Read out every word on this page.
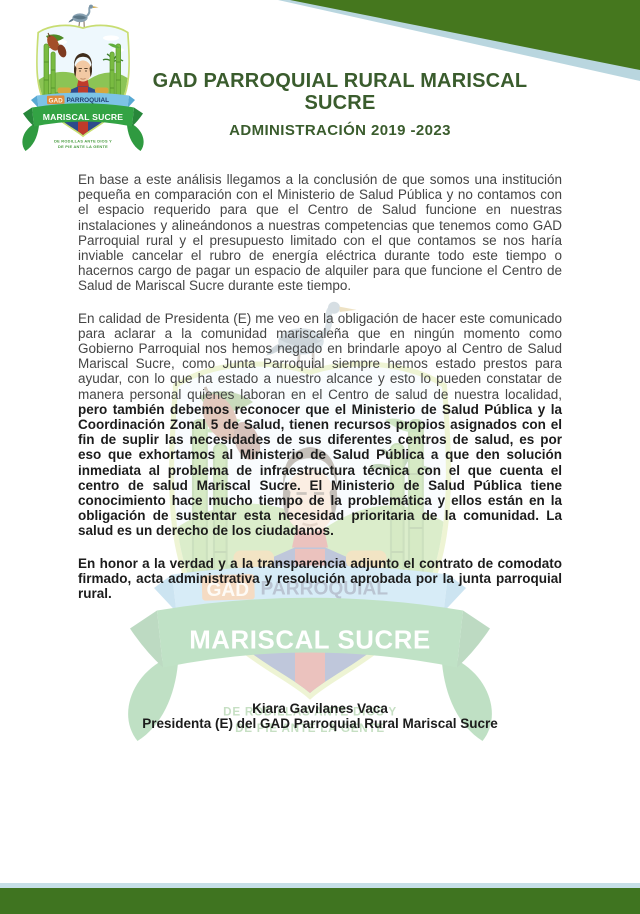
GAD PARROQUIAL RURAL MARISCAL SUCRE
ADMINISTRACIÓN 2019 -2023

En base a este análisis llegamos a la conclusión de que somos una institución pequeña en comparación con el Ministerio de Salud Pública y no contamos con el espacio requerido para que el Centro de Salud funcione en nuestras instalaciones y alineándonos a nuestras competencias que tenemos como GAD Parroquial rural y el presupuesto limitado con el que contamos se nos haría inviable cancelar el rubro de energía eléctrica durante todo este tiempo o hacernos cargo de pagar un espacio de alquiler para que funcione el Centro de Salud de Mariscal Sucre durante este tiempo.

En calidad de Presidenta (E) me veo en la obligación de hacer este comunicado para aclarar a la comunidad mariscaleña que en ningún momento como Gobierno Parroquial nos hemos negado en brindarle apoyo al Centro de Salud Mariscal Sucre, como Junta Parroquial siempre hemos estado prestos para ayudar, con lo que ha estado a nuestro alcance y esto lo pueden constatar de manera personal quienes laboran en el Centro de salud de nuestra localidad, pero también debemos reconocer que el Ministerio de Salud Pública y la Coordinación Zonal 5 de Salud, tienen recursos propios asignados con el fin de suplir las necesidades de sus diferentes centros de salud, es por eso que exhortamos al Ministerio de Salud Pública a que den solución inmediata al problema de infraestructura técnica con el que cuenta el centro de salud Mariscal Sucre. El Ministerio de Salud Pública tiene conocimiento hace mucho tiempo de la problemática y ellos están en la obligación de sustentar esta necesidad prioritaria de la comunidad. La salud es un derecho de los ciudadanos.

En honor a la verdad y a la transparencia adjunto el contrato de comodato firmado, acta administrativa y resolución aprobada por la junta parroquial rural.

Kiara Gavilanes Vaca
Presidenta (E) del GAD Parroquial Rural Mariscal Sucre
